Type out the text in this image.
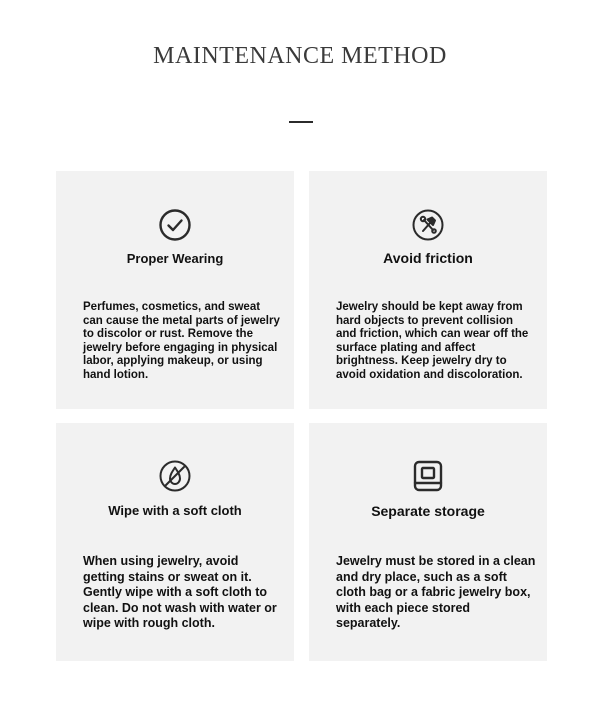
MAINTENANCE METHOD

Proper Wearing

Perfumes, cosmetics, and sweat can cause the metal parts of jewelry to discolor or rust. Remove the jewelry before engaging in physical labor, applying makeup, or using hand lotion.

Avoid friction

Jewelry should be kept away from hard objects to prevent collision and friction, which can wear off the surface plating and affect brightness. Keep jewelry dry to avoid oxidation and discoloration.

Wipe with a soft cloth

When using jewelry, avoid getting stains or sweat on it. Gently wipe with a soft cloth to clean. Do not wash with water or wipe with rough cloth.

Separate storage

Jewelry must be stored in a clean and dry place, such as a soft cloth bag or a fabric jewelry box, with each piece stored separately.
